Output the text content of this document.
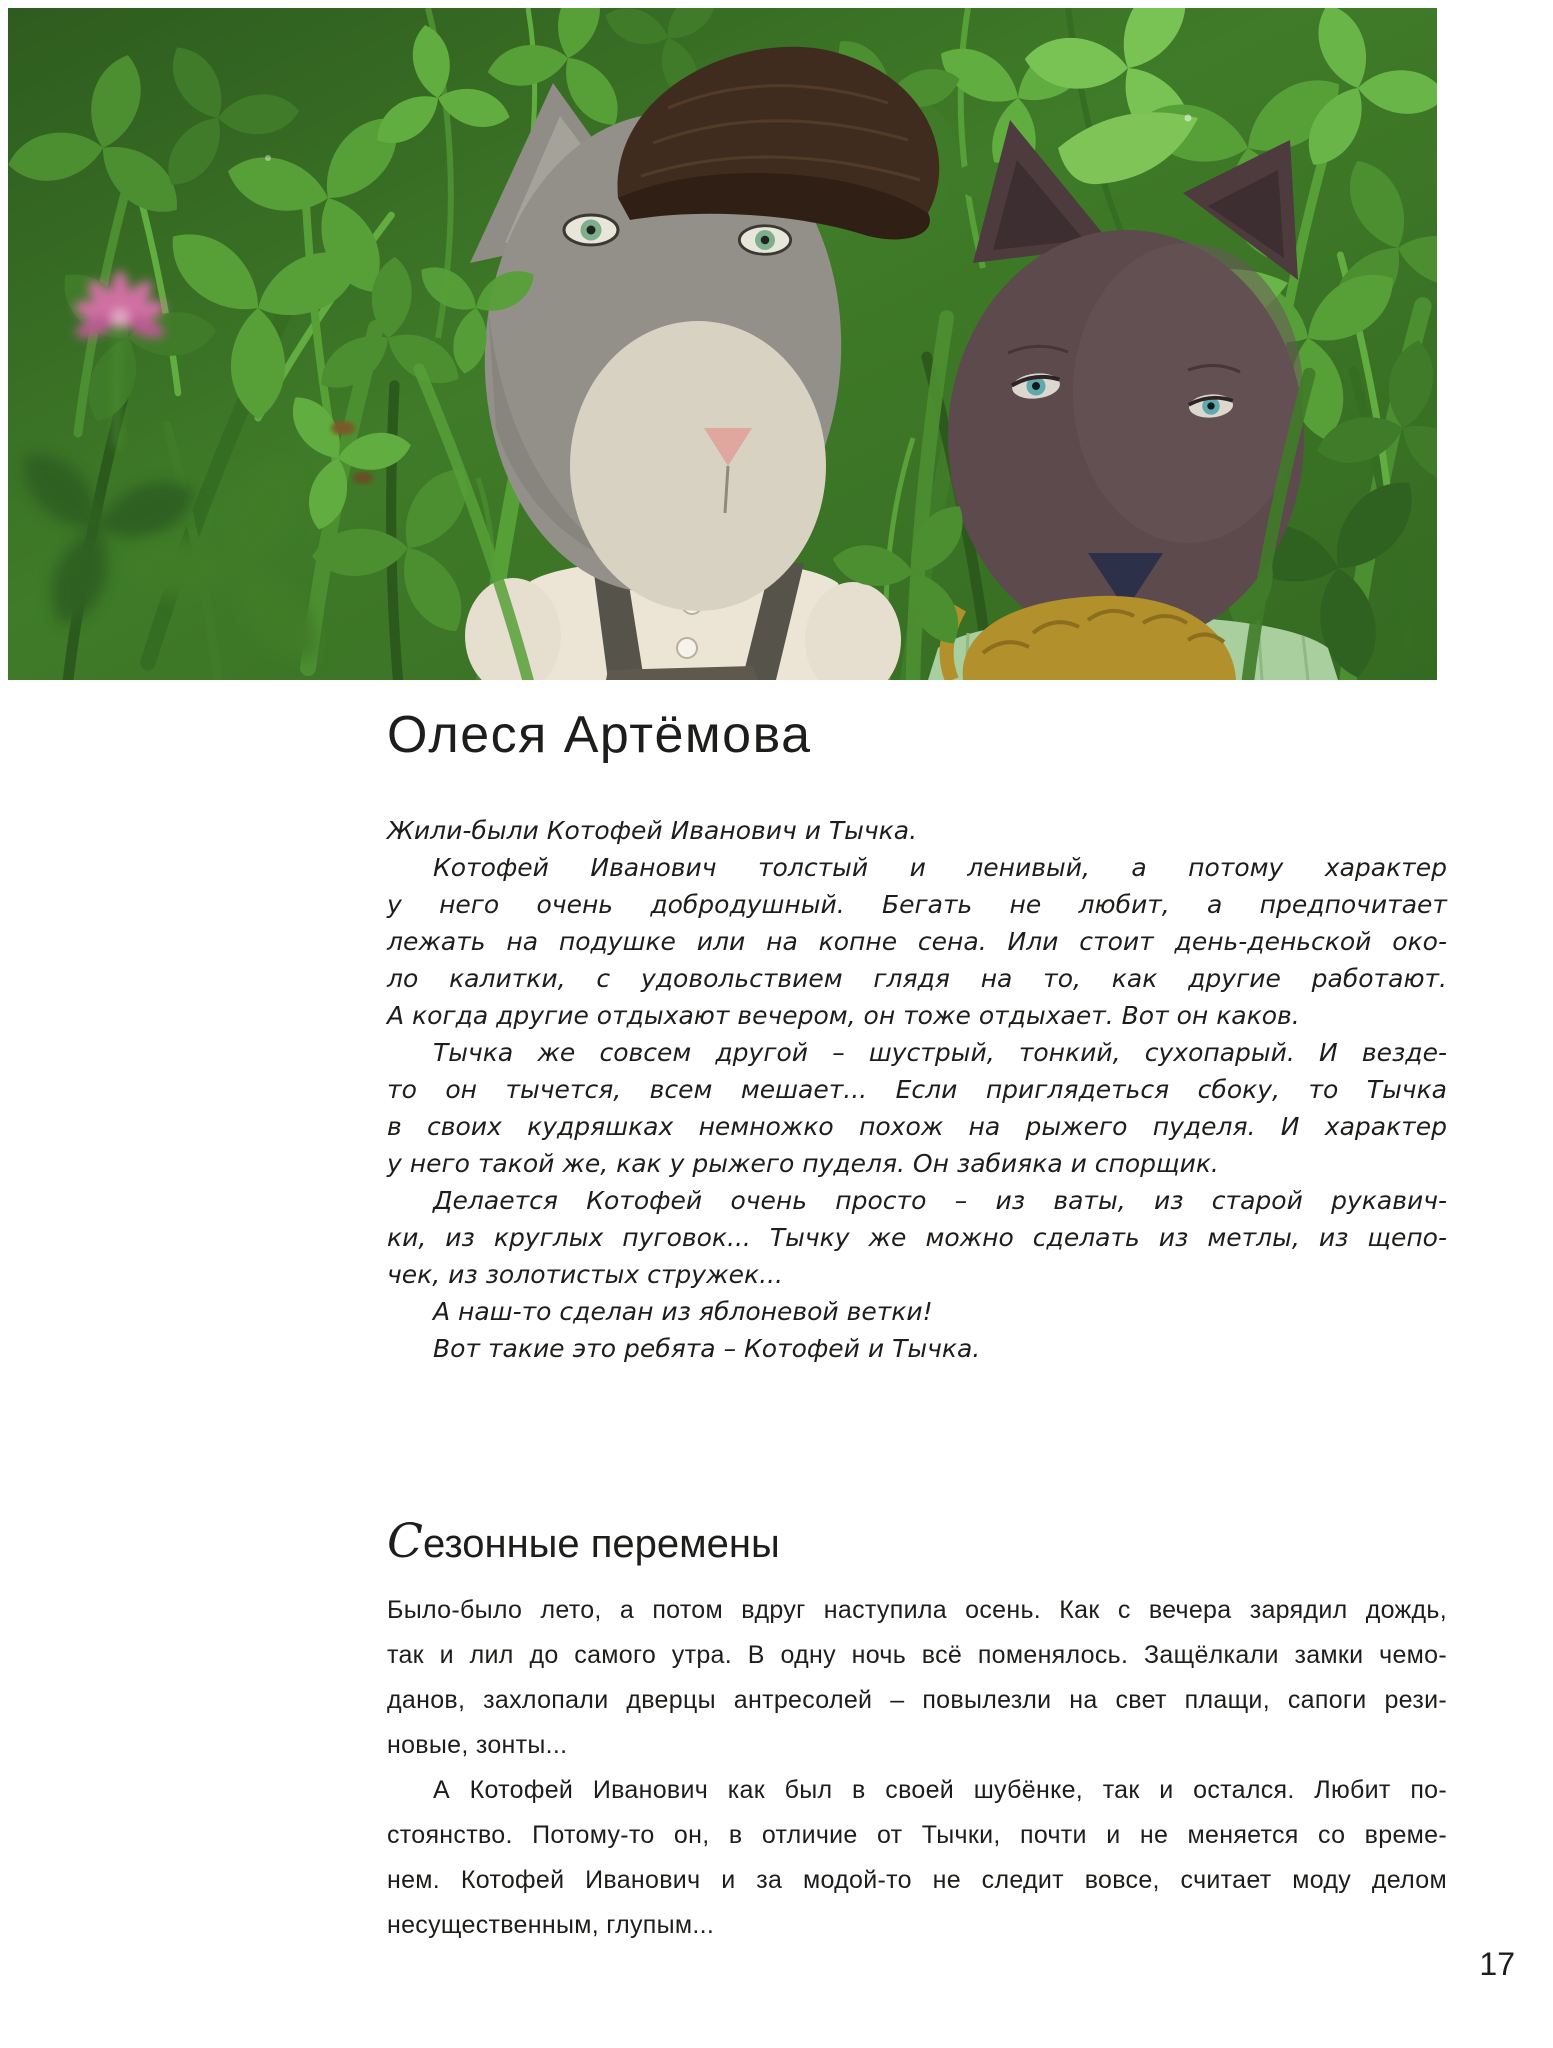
Олеся Артёмова

Жили-были Котофей Иванович и Тычка.

Котофей Иванович толстый и ленивый, а потому характер

у него очень добродушный. Бегать не любит, а предпочитает

лежать на подушке или на копне сена. Или стоит день-деньской око-

ло калитки, с удовольствием глядя на то, как другие работают.

А когда другие отдыхают вечером, он тоже отдыхает. Вот он каков.

Тычка же совсем другой – шустрый, тонкий, сухопарый. И везде-

то он тычется, всем мешает... Если приглядеться сбоку, то Тычка

в своих кудряшках немножко похож на рыжего пуделя. И характер

у него такой же, как у рыжего пуделя. Он забияка и спорщик.

Делается Котофей очень просто – из ваты, из старой рукавич-

ки, из круглых пуговок... Тычку же можно сделать из метлы, из щепо-

чек, из золотистых стружек...

А наш-то сделан из яблоневой ветки!

Вот такие это ребята – Котофей и Тычка.

Сезонные перемены

Было-было лето, а потом вдруг наступила осень. Как с вечера зарядил дождь,

так и лил до самого утра. В одну ночь всё поменялось. Защёлкали замки чемо-

данов, захлопали дверцы антресолей – повылезли на свет плащи, сапоги рези-

новые, зонты...

А Котофей Иванович как был в своей шубёнке, так и остался. Любит по-

стоянство. Потому-то он, в отличие от Тычки, почти и не меняется со време-

нем. Котофей Иванович и за модой-то не следит вовсе, считает моду делом

несущественным, глупым...

17
